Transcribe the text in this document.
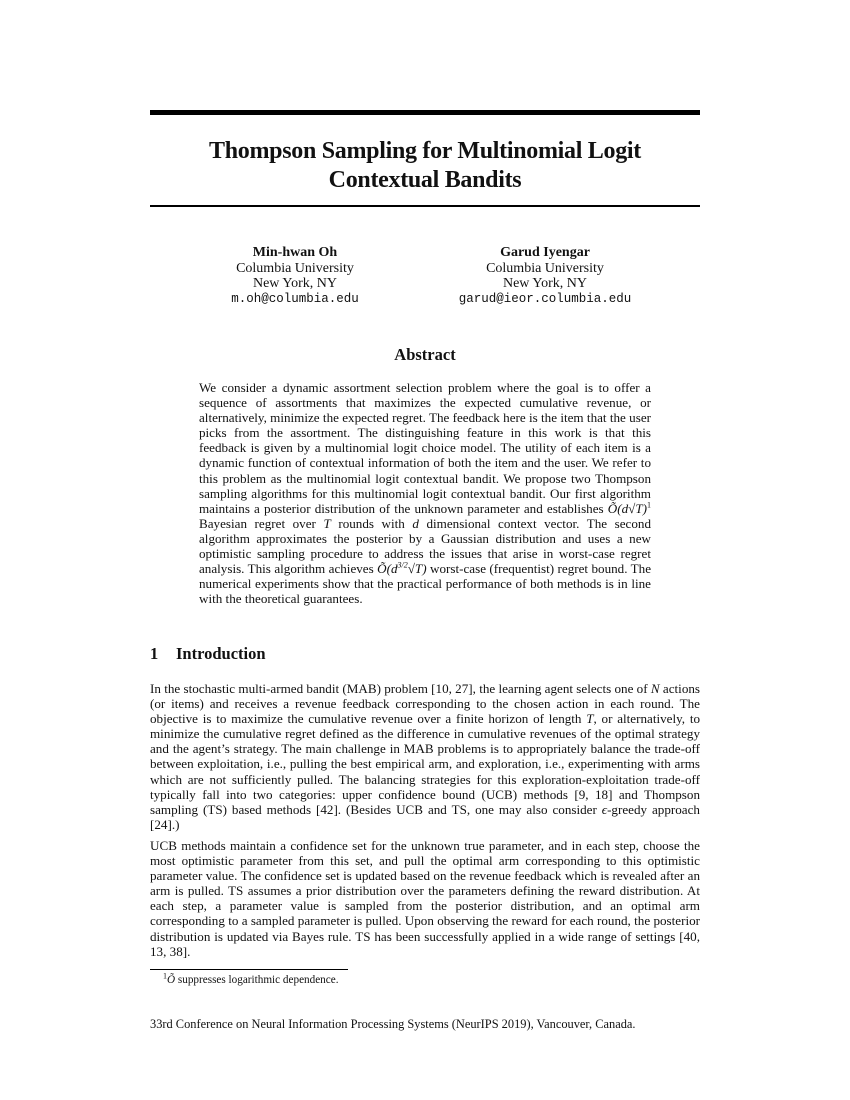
Thompson Sampling for Multinomial Logit
Contextual Bandits
Min-hwan Oh
Columbia University
New York, NY
m.oh@columbia.edu
Garud Iyengar
Columbia University
New York, NY
garud@ieor.columbia.edu
Abstract

We consider a dynamic assortment selection problem where the goal is to offer a sequence of assortments that maximizes the expected cumulative revenue, or alternatively, minimize the expected regret. The feedback here is the item that the user picks from the assortment. The distinguishing feature in this work is that this feedback is given by a multinomial logit choice model. The utility of each item is a dynamic function of contextual information of both the item and the user. We refer to this problem as the multinomial logit contextual bandit. We propose two Thompson sampling algorithms for this multinomial logit contextual bandit. Our first algorithm maintains a posterior distribution of the unknown parameter and establishes $Õ(d√T)^1$ Bayesian regret over T rounds with d dimensional context vector. The second algorithm approximates the posterior by a Gaussian distribution and uses a new optimistic sampling procedure to address the issues that arise in worst-case regret analysis. This algorithm achieves $Õ(d^{3/2}√T)$ worst-case (frequentist) regret bound. The numerical experiments show that the practical performance of both methods is in line with the theoretical guarantees.

1 Introduction

In the stochastic multi-armed bandit (MAB) problem [10, 27], the learning agent selects one of N actions (or items) and receives a revenue feedback corresponding to the chosen action in each round. The objective is to maximize the cumulative revenue over a finite horizon of length T, or alternatively, to minimize the cumulative regret defined as the difference in cumulative revenues of the optimal strategy and the agent’s strategy. The main challenge in MAB problems is to appropriately balance the trade-off between exploitation, i.e., pulling the best empirical arm, and exploration, i.e., experimenting with arms which are not sufficiently pulled. The balancing strategies for this exploration-exploitation trade-off typically fall into two categories: upper confidence bound (UCB) methods [9, 18] and Thompson sampling (TS) based methods [42]. (Besides UCB and TS, one may also consider ϵ-greedy approach [24].)

UCB methods maintain a confidence set for the unknown true parameter, and in each step, choose the most optimistic parameter from this set, and pull the optimal arm corresponding to this optimistic parameter value. The confidence set is updated based on the revenue feedback which is revealed after an arm is pulled. TS assumes a prior distribution over the parameters defining the reward distribution. At each step, a parameter value is sampled from the posterior distribution, and an optimal arm corresponding to a sampled parameter is pulled. Upon observing the reward for each round, the posterior distribution is updated via Bayes rule. TS has been successfully applied in a wide range of settings [40, 13, 38].

$^1$Õ suppresses logarithmic dependence.
33rd Conference on Neural Information Processing Systems (NeurIPS 2019), Vancouver, Canada.
